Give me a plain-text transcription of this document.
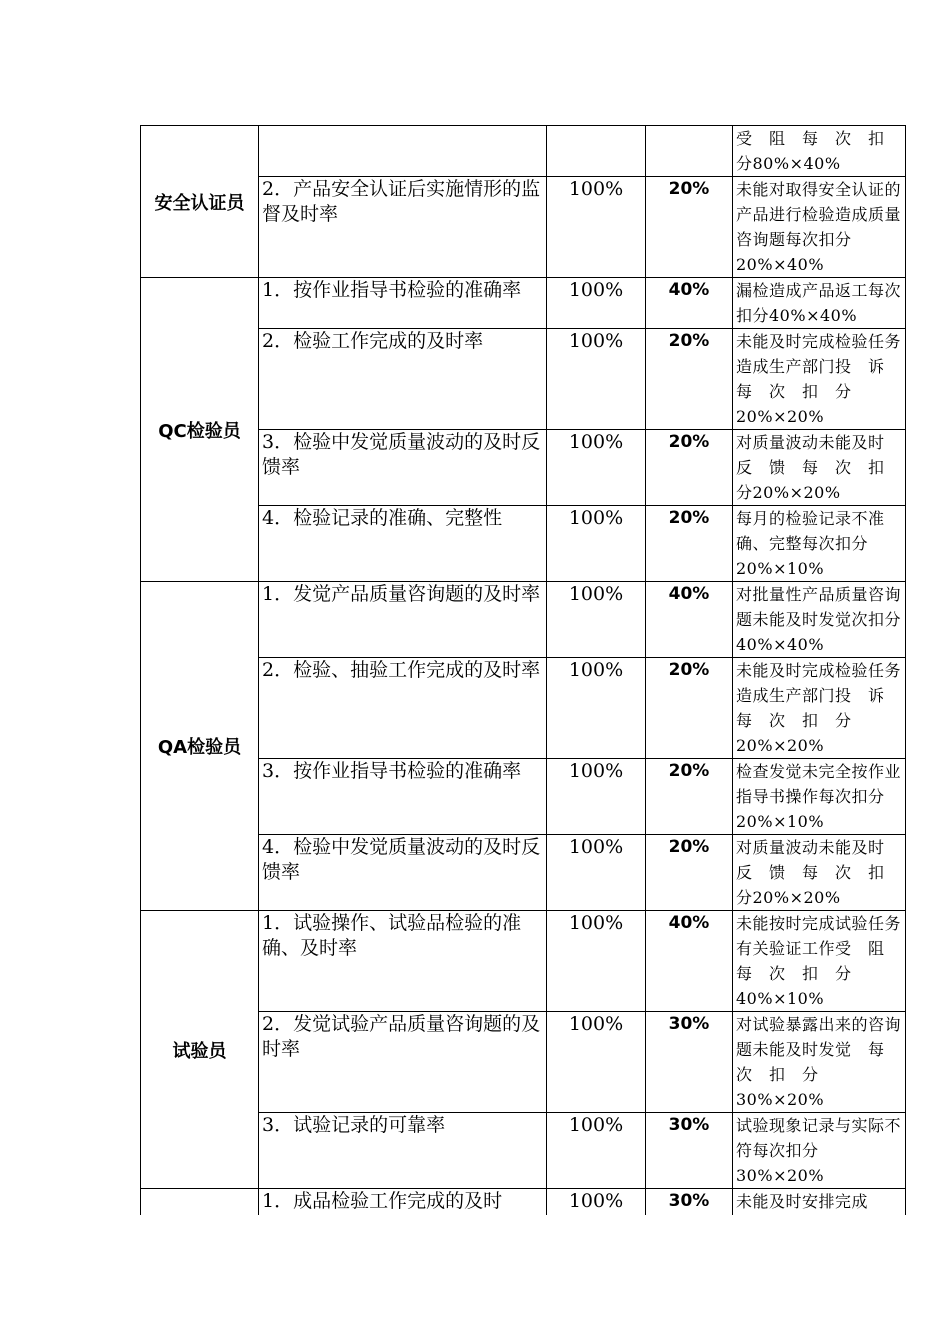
安全认证员				受　阻　每　次　扣　分80%×40%
	2．产品安全认证后实施情形的监督及时率	100%	20%	未能对取得安全认证的产品进行检验造成质量咨询题每次扣分20%×40%
QC检验员	1．按作业指导书检验的准确率	100%	40%	漏检造成产品返工每次扣分40%×40%
	2．检验工作完成的及时率	100%	20%	未能及时完成检验任务造成生产部门投　诉　每　次　扣　分20%×20%
	3．检验中发觉质量波动的及时反馈率	100%	20%	对质量波动未能及时　反　馈　每　次　扣　分20%×20%
	4．检验记录的准确、完整性	100%	20%	每月的检验记录不准确、完整每次扣分20%×10%
QA检验员	1．发觉产品质量咨询题的及时率	100%	40%	对批量性产品质量咨询题未能及时发觉次扣分40%×40%
	2．检验、抽验工作完成的及时率	100%	20%	未能及时完成检验任务造成生产部门投　诉　每　次　扣　分20%×20%
	3．按作业指导书检验的准确率	100%	20%	检查发觉未完全按作业指导书操作每次扣分20%×10%
	4．检验中发觉质量波动的及时反馈率	100%	20%	对质量波动未能及时　反　馈　每　次　扣　分20%×20%
试验员	1．试验操作、试验品检验的准确、及时率	100%	40%	未能按时完成试验任务有关验证工作受　阻　每　次　扣　分40%×10%
	2．发觉试验产品质量咨询题的及时率	100%	30%	对试验暴露出来的咨询题未能及时发觉　每　次　扣　分30%×20%
	3．试验记录的可靠率	100%	30%	试验现象记录与实际不符每次扣分30%×20%
	1．成品检验工作完成的及时	100%	30%	未能及时安排完成
